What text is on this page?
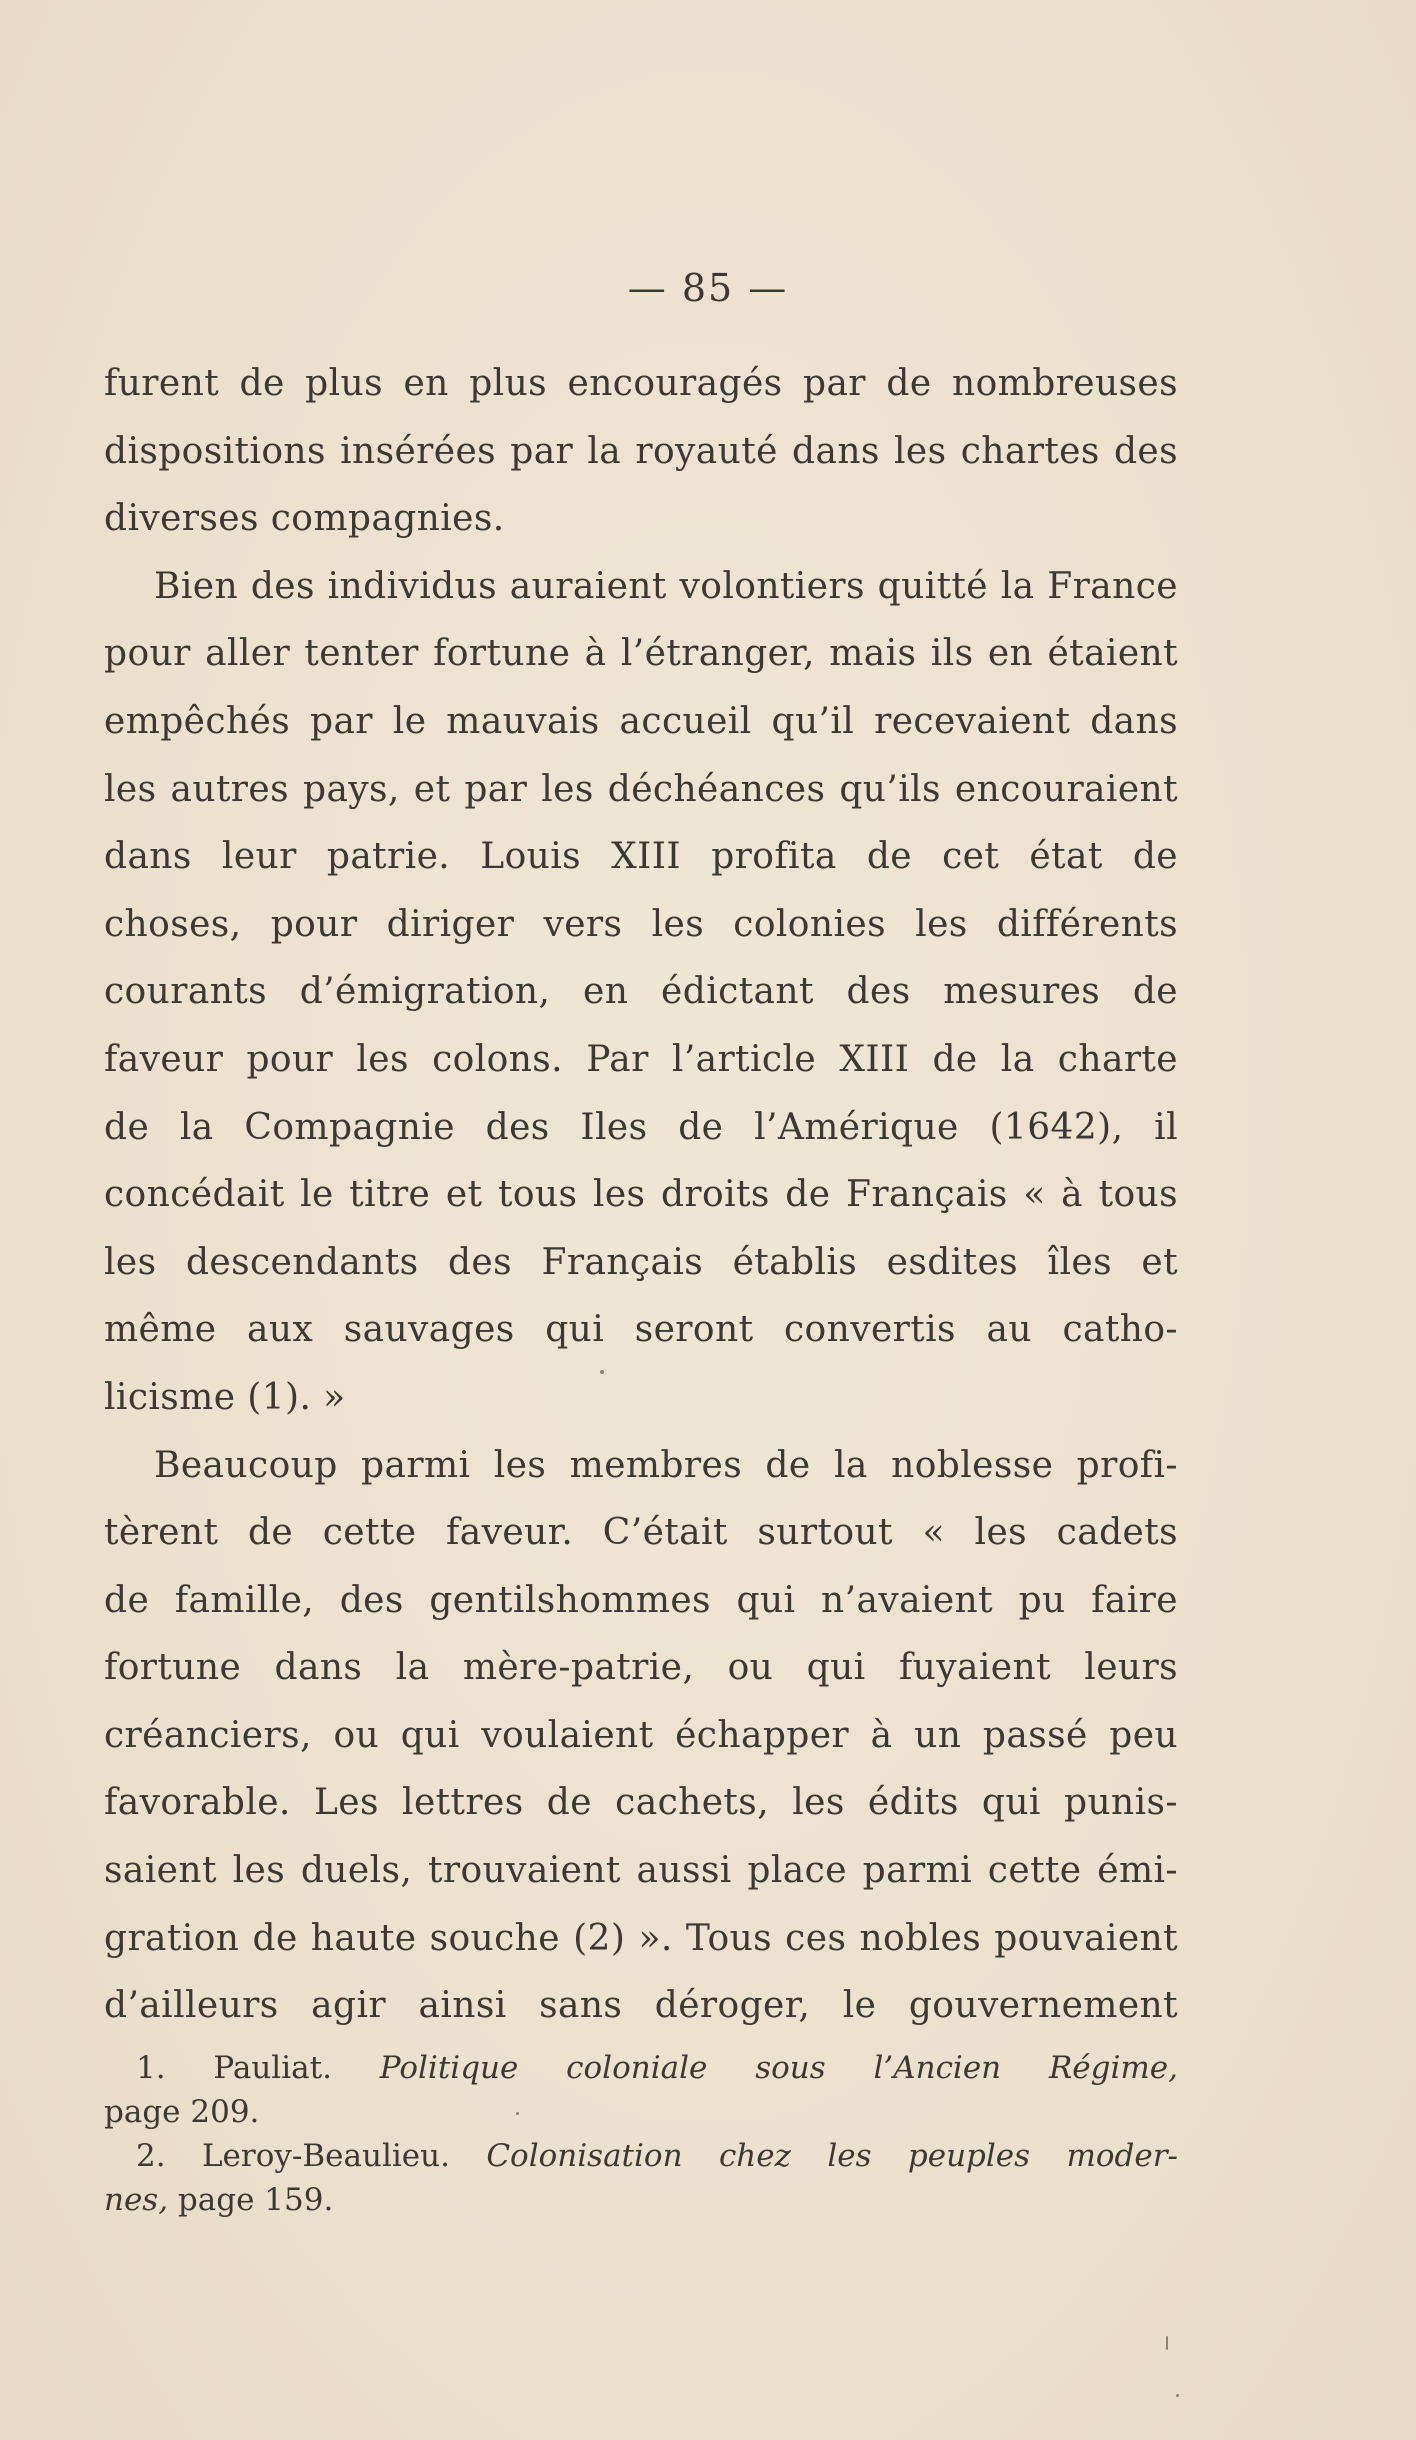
— 85 —
furent de plus en plus encouragés par de nombreuses
dispositions insérées par la royauté dans les chartes des
diverses compagnies.
Bien des individus auraient volontiers quitté la France
pour aller tenter fortune à l’étranger, mais ils en étaient
empêchés par le mauvais accueil qu’il recevaient dans
les autres pays, et par les déchéances qu’ils encouraient
dans leur patrie. Louis XIII profita de cet état de
choses, pour diriger vers les colonies les différents
courants d’émigration, en édictant des mesures de
faveur pour les colons. Par l’article XIII de la charte
de la Compagnie des Iles de l’Amérique (1642), il
concédait le titre et tous les droits de Français « à tous
les descendants des Français établis esdites îles et
même aux sauvages qui seront convertis au catho-
licisme (1). »
Beaucoup parmi les membres de la noblesse profi-
tèrent de cette faveur. C’était surtout « les cadets
de famille, des gentilshommes qui n’avaient pu faire
fortune dans la mère-patrie, ou qui fuyaient leurs
créanciers, ou qui voulaient échapper à un passé peu
favorable. Les lettres de cachets, les édits qui punis-
saient les duels, trouvaient aussi place parmi cette émi-
gration de haute souche (2) ». Tous ces nobles pouvaient
d’ailleurs agir ainsi sans déroger, le gouvernement
1. Pauliat. Politique coloniale sous l’Ancien Régime,
page 209.
2. Leroy-Beaulieu. Colonisation chez les peuples moder-
nes, page 159.
